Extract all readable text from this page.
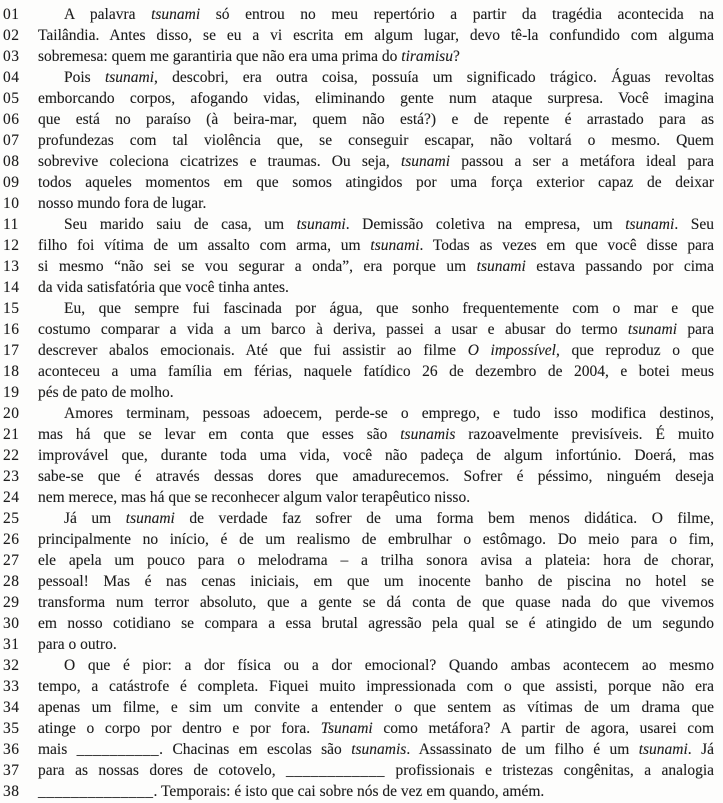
01	A palavra tsunami só entrou no meu repertório a partir da tragédia acontecida na
02	Tailândia. Antes disso, se eu a vi escrita em algum lugar, devo tê-la confundido com alguma
03	sobremesa: quem me garantiria que não era uma prima do tiramisu?
04	Pois tsunami, descobri, era outra coisa, possuía um significado trágico. Águas revoltas
05	emborcando corpos, afogando vidas, eliminando gente num ataque surpresa. Você imagina
06	que está no paraíso (à beira-mar, quem não está?) e de repente é arrastado para as
07	profundezas com tal violência que, se conseguir escapar, não voltará o mesmo. Quem
08	sobrevive coleciona cicatrizes e traumas. Ou seja, tsunami passou a ser a metáfora ideal para
09	todos aqueles momentos em que somos atingidos por uma força exterior capaz de deixar
10	nosso mundo fora de lugar.
11	Seu marido saiu de casa, um tsunami. Demissão coletiva na empresa, um tsunami. Seu
12	filho foi vítima de um assalto com arma, um tsunami. Todas as vezes em que você disse para
13	si mesmo “não sei se vou segurar a onda”, era porque um tsunami estava passando por cima
14	da vida satisfatória que você tinha antes.
15	Eu, que sempre fui fascinada por água, que sonho frequentemente com o mar e que
16	costumo comparar a vida a um barco à deriva, passei a usar e abusar do termo tsunami para
17	descrever abalos emocionais. Até que fui assistir ao filme O impossível, que reproduz o que
18	aconteceu a uma família em férias, naquele fatídico 26 de dezembro de 2004, e botei meus
19	pés de pato de molho.
20	Amores terminam, pessoas adoecem, perde-se o emprego, e tudo isso modifica destinos,
21	mas há que se levar em conta que esses são tsunamis razoavelmente previsíveis. É muito
22	improvável que, durante toda uma vida, você não padeça de algum infortúnio. Doerá, mas
23	sabe-se que é através dessas dores que amadurecemos. Sofrer é péssimo, ninguém deseja
24	nem merece, mas há que se reconhecer algum valor terapêutico nisso.
25	Já um tsunami de verdade faz sofrer de uma forma bem menos didática. O filme,
26	principalmente no início, é de um realismo de embrulhar o estômago. Do meio para o fim,
27	ele apela um pouco para o melodrama – a trilha sonora avisa a plateia: hora de chorar,
28	pessoal! Mas é nas cenas iniciais, em que um inocente banho de piscina no hotel se
29	transforma num terror absoluto, que a gente se dá conta de que quase nada do que vivemos
30	em nosso cotidiano se compara a essa brutal agressão pela qual se é atingido de um segundo
31	para o outro.
32	O que é pior: a dor física ou a dor emocional? Quando ambas acontecem ao mesmo
33	tempo, a catástrofe é completa. Fiquei muito impressionada com o que assisti, porque não era
34	apenas um filme, e sim um convite a entender o que sentem as vítimas de um drama que
35	atinge o corpo por dentro e por fora. Tsunami como metáfora? A partir de agora, usarei com
36	mais __________. Chacinas em escolas são tsunamis. Assassinato de um filho é um tsunami. Já
37	para as nossas dores de cotovelo, ____________ profissionais e tristezas congênitas, a analogia
38	______________. Temporais: é isto que cai sobre nós de vez em quando, amém.
